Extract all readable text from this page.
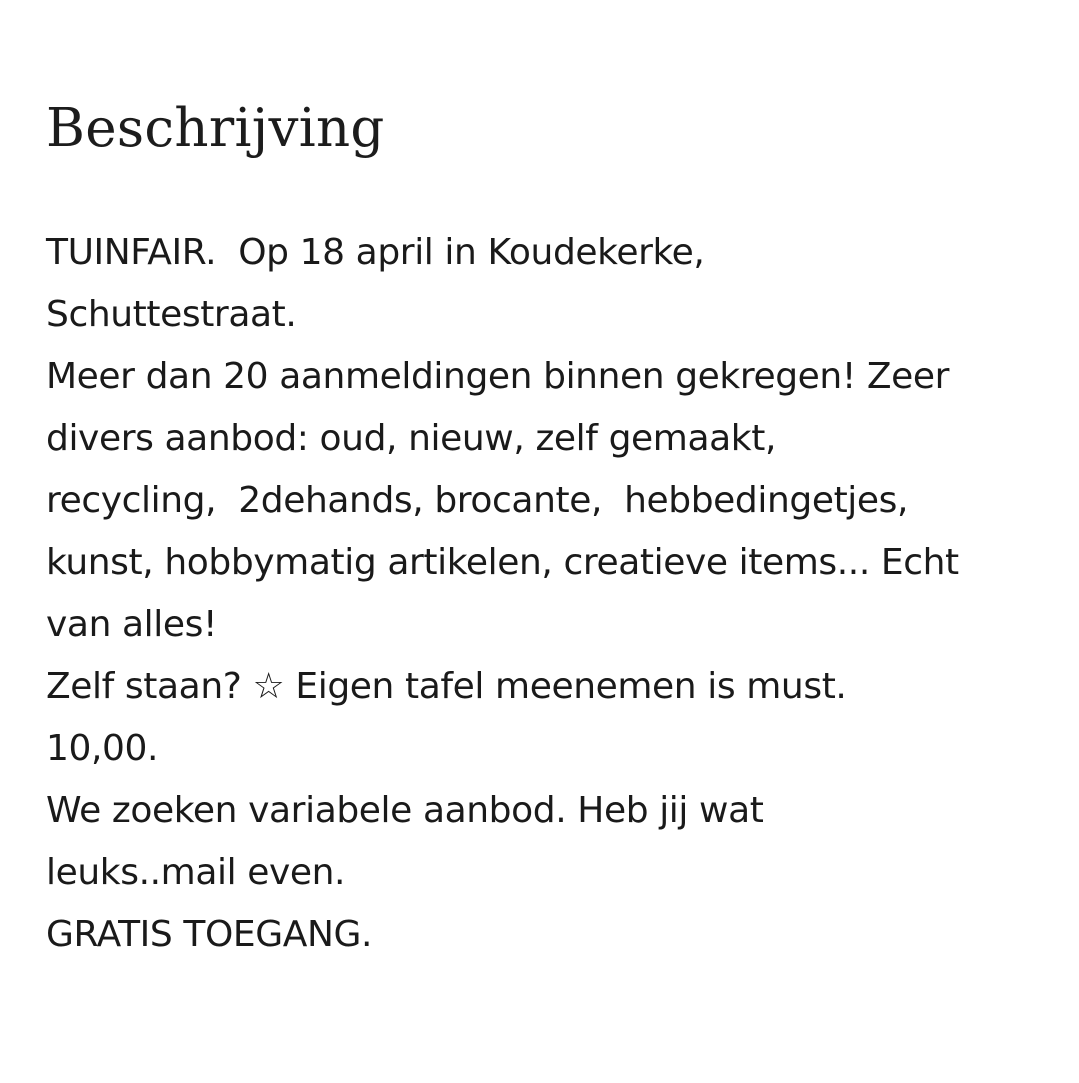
Beschrijving
TUINFAIR.  Op 18 april in Koudekerke,
Schuttestraat.
Meer dan 20 aanmeldingen binnen gekregen! Zeer
divers aanbod: oud, nieuw, zelf gemaakt,
recycling,  2dehands, brocante,  hebbedingetjes,
kunst, hobbymatig artikelen, creatieve items... Echt
van alles!
Zelf staan? ☆ Eigen tafel meenemen is must.
10,00.
We zoeken variabele aanbod. Heb jij wat
leuks..mail even.
GRATIS TOEGANG.
